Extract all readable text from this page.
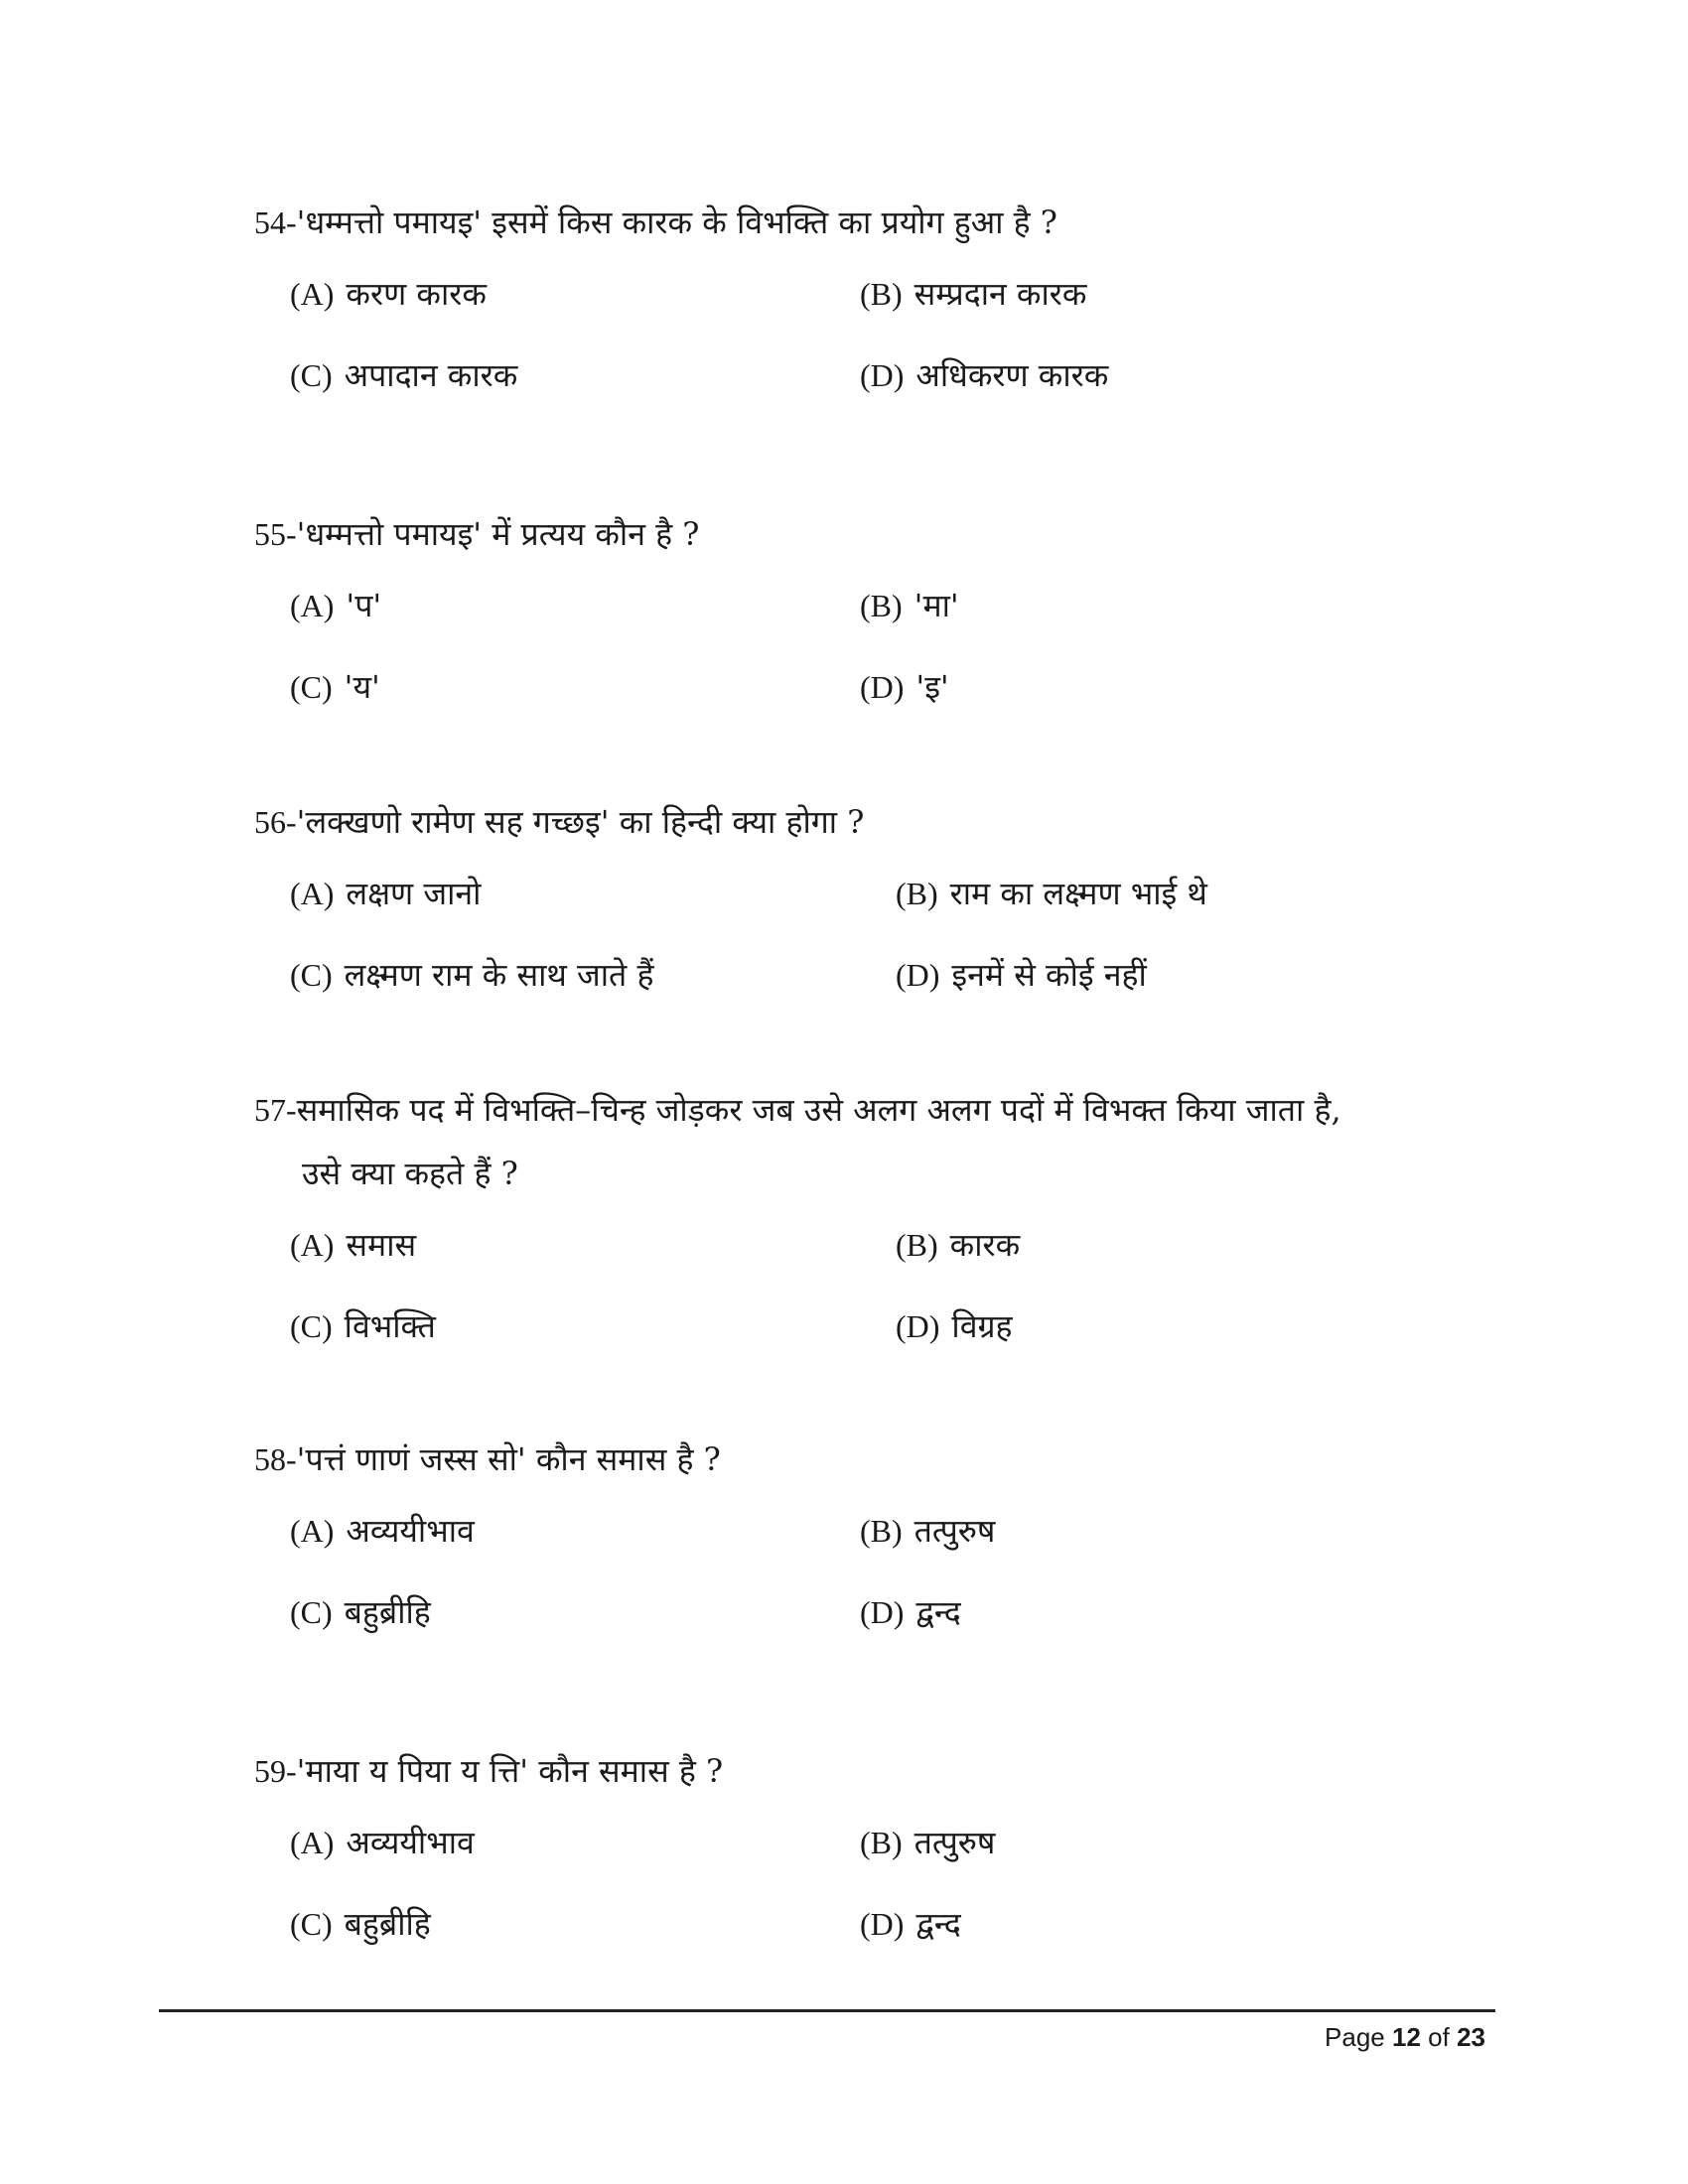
54-'धम्मत्तो पमायइ' इसमें किस कारक के विभक्ति का प्रयोग हुआ है ?

(A) करण कारक	(B) सम्प्रदान कारक
(C) अपादान कारक	(D) अधिकरण कारक

55-'धम्मत्तो पमायइ' में प्रत्यय कौन है ?

(A) 'प'	(B) 'मा'
(C) 'य'	(D) 'इ'

56-'लक्खणो रामेण सह गच्छइ' का हिन्दी क्या होगा ?

(A) लक्षण जानो	(B) राम का लक्ष्मण भाई थे
(C) लक्ष्मण राम के साथ जाते हैं	(D) इनमें से कोई नहीं

57-समासिक पद में विभक्ति–चिन्ह जोड़कर जब उसे अलग अलग पदों में विभक्त किया जाता है,
उसे क्या कहते हैं ?

(A) समास	(B) कारक
(C) विभक्ति	(D) विग्रह

58-'पत्तं णाणं जस्स सो' कौन समास है ?

(A) अव्ययीभाव	(B) तत्पुरुष
(C) बहुब्रीहि	(D) द्वन्द

59-'माया य पिया य त्ति' कौन समास है ?

(A) अव्ययीभाव	(B) तत्पुरुष
(C) बहुब्रीहि	(D) द्वन्द
Page 12 of 23
